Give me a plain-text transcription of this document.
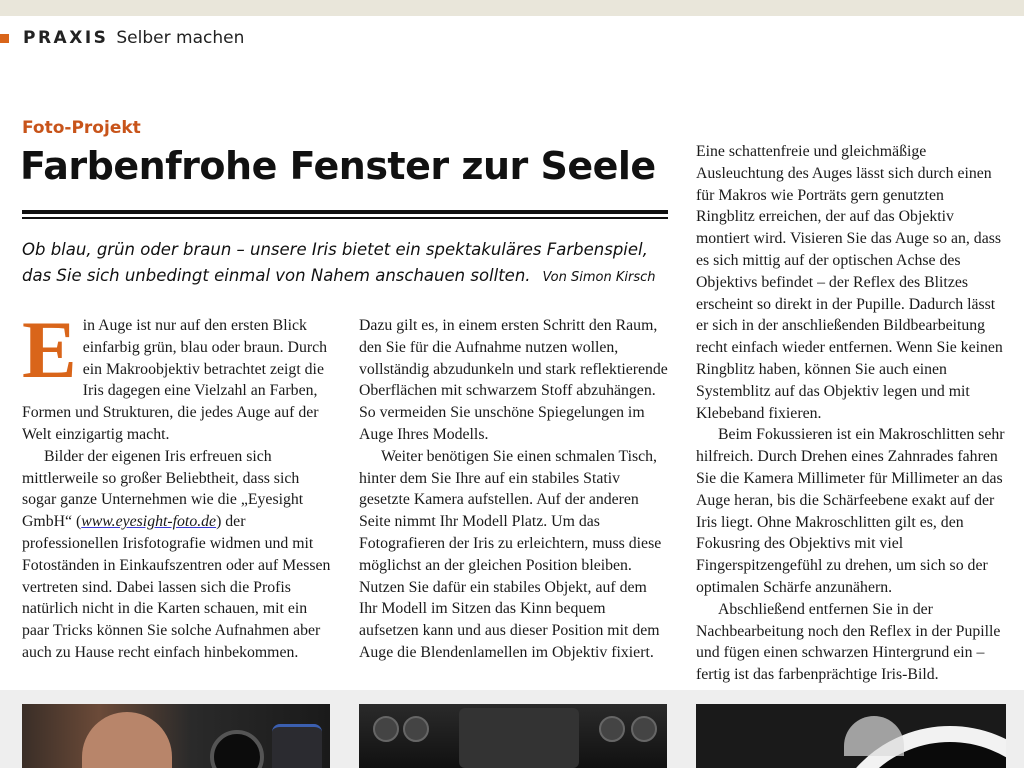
PRAXIS Selber machen
Foto-Projekt
Farbenfrohe Fenster zur Seele
Ob blau, grün oder braun – unsere Iris bietet ein spektakuläres Farbenspiel, das Sie sich unbedingt einmal von Nahem anschauen sollten. Von Simon Kirsch

Ein Auge ist nur auf den ersten Blick einfarbig grün, blau oder braun. Durch ein Makroobjektiv betrachtet zeigt die Iris dagegen eine Vielzahl an Farben, Formen und Strukturen, die jedes Auge auf der Welt einzigartig macht.

Bilder der eigenen Iris erfreuen sich mittlerweile so großer Beliebtheit, dass sich sogar ganze Unternehmen wie die „Eyesight GmbH“ (www.eyesight-foto.de) der professionellen Irisfotografie widmen und mit Fotoständen in Einkaufszentren oder auf Messen vertreten sind. Dabei lassen sich die Profis natürlich nicht in die Karten schauen, mit ein paar Tricks können Sie solche Aufnahmen aber auch zu Hause recht einfach hinbekommen.

Dazu gilt es, in einem ersten Schritt den Raum, den Sie für die Aufnahme nutzen wollen, vollständig abzudunkeln und stark reflektierende Oberflächen mit schwarzem Stoff abzuhängen. So vermeiden Sie unschöne Spiegelungen im Auge Ihres Modells.

Weiter benötigen Sie einen schmalen Tisch, hinter dem Sie Ihre auf ein stabiles Stativ gesetzte Kamera aufstellen. Auf der anderen Seite nimmt Ihr Modell Platz. Um das Fotografieren der Iris zu erleichtern, muss diese möglichst an der gleichen Position bleiben. Nutzen Sie dafür ein stabiles Objekt, auf dem Ihr Modell im Sitzen das Kinn bequem aufsetzen kann und aus dieser Position mit dem Auge die Blendenlamellen im Objektiv fixiert.

Eine schattenfreie und gleichmäßige Ausleuchtung des Auges lässt sich durch einen für Makros wie Porträts gern genutzten Ringblitz erreichen, der auf das Objektiv montiert wird. Visieren Sie das Auge so an, dass es sich mittig auf der optischen Achse des Objektivs befindet – der Reflex des Blitzes erscheint so direkt in der Pupille. Dadurch lässt er sich in der anschließenden Bildbearbeitung recht einfach wieder entfernen. Wenn Sie keinen Ringblitz haben, können Sie auch einen Systemblitz auf das Objektiv legen und mit Klebeband fixieren.

Beim Fokussieren ist ein Makroschlitten sehr hilfreich. Durch Drehen eines Zahnrades fahren Sie die Kamera Millimeter für Millimeter an das Auge heran, bis die Schärfeebene exakt auf der Iris liegt. Ohne Makroschlitten gilt es, den Fokusring des Objektivs mit viel Fingerspitzengefühl zu drehen, um sich so der optimalen Schärfe anzunähern.

Abschließend entfernen Sie in der Nachbearbeitung noch den Reflex in der Pupille und fügen einen schwarzen Hintergrund ein – fertig ist das farbenprächtige Iris-Bild.
